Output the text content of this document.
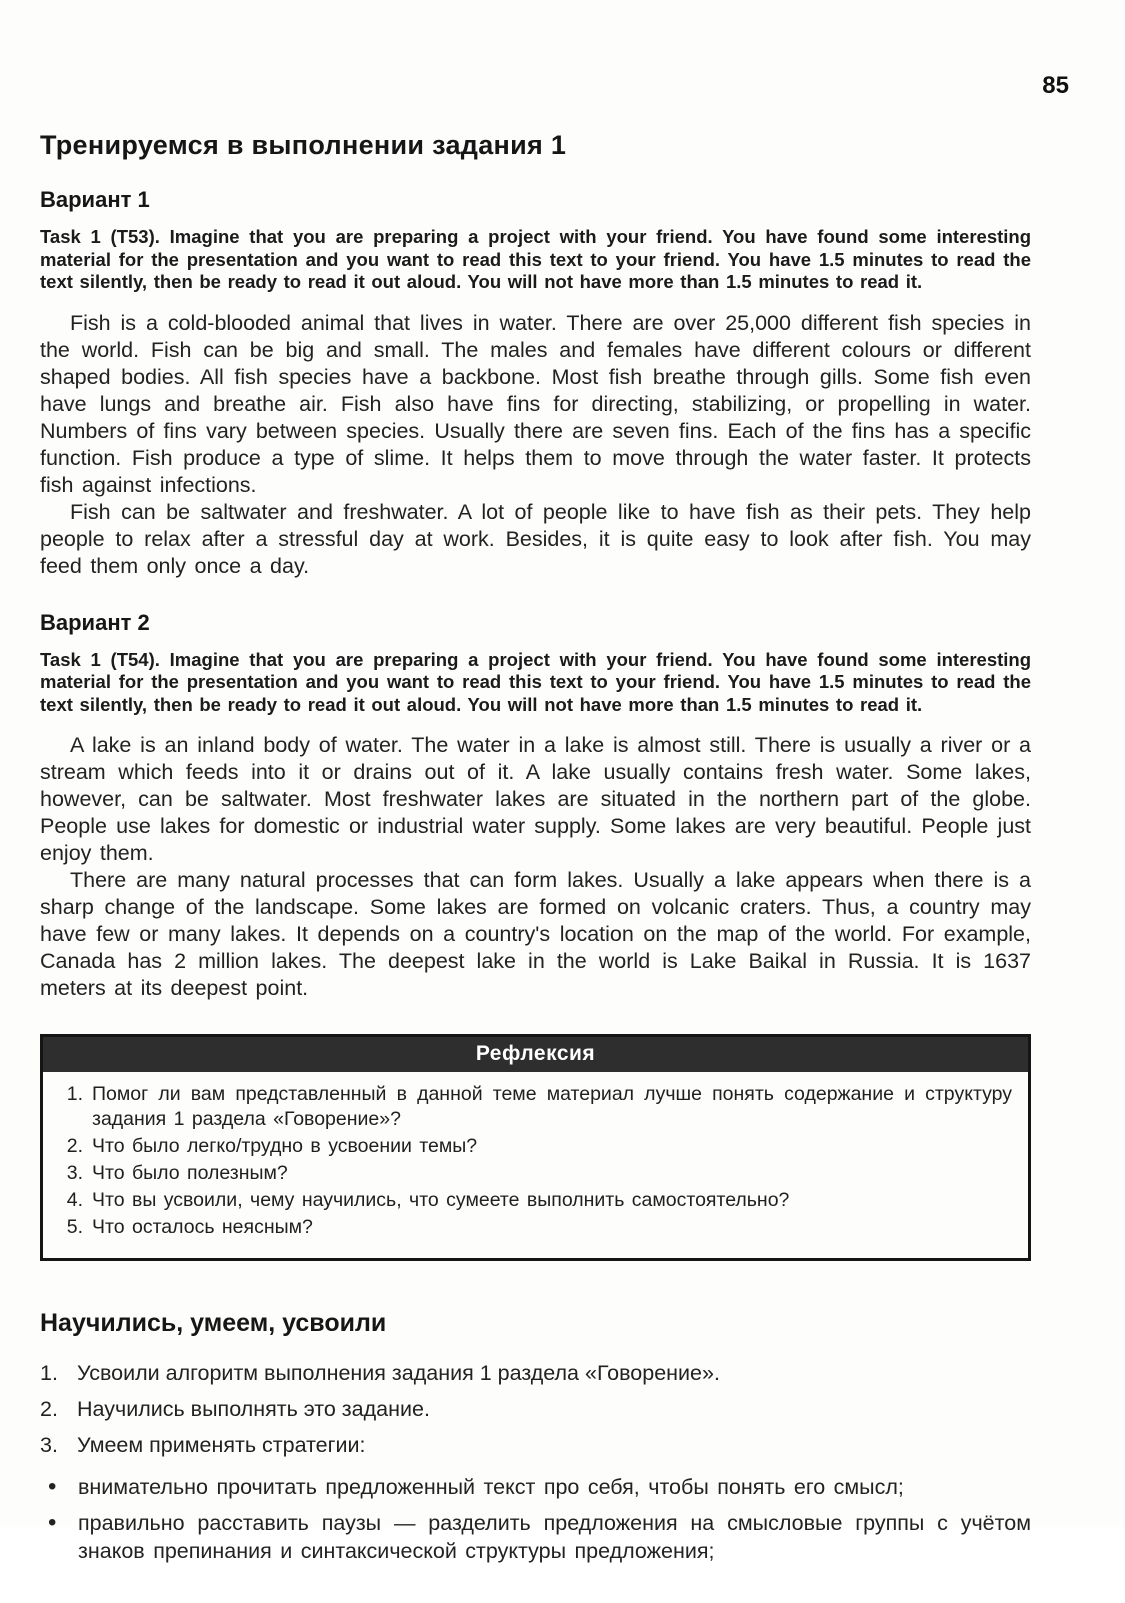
85
Тренируемся в выполнении задания 1
Вариант 1

Task 1 (T53). Imagine that you are preparing a project with your friend. You have found some interesting material for the presentation and you want to read this text to your friend. You have 1.5 minutes to read the text silently, then be ready to read it out aloud. You will not have more than 1.5 minutes to read it.

Fish is a cold-blooded animal that lives in water. There are over 25,000 different fish species in the world. Fish can be big and small. The males and females have different colours or different shaped bodies. All fish species have a backbone. Most fish breathe through gills. Some fish even have lungs and breathe air. Fish also have fins for directing, stabilizing, or propelling in water. Numbers of fins vary between species. Usually there are seven fins. Each of the fins has a specific function. Fish produce a type of slime. It helps them to move through the water faster. It protects fish against infections.

Fish can be saltwater and freshwater. A lot of people like to have fish as their pets. They help people to relax after a stressful day at work. Besides, it is quite easy to look after fish. You may feed them only once a day.

Вариант 2

Task 1 (T54). Imagine that you are preparing a project with your friend. You have found some interesting material for the presentation and you want to read this text to your friend. You have 1.5 minutes to read the text silently, then be ready to read it out aloud. You will not have more than 1.5 minutes to read it.

A lake is an inland body of water. The water in a lake is almost still. There is usually a river or a stream which feeds into it or drains out of it. A lake usually contains fresh water. Some lakes, however, can be saltwater. Most freshwater lakes are situated in the northern part of the globe. People use lakes for domestic or industrial water supply. Some lakes are very beautiful. People just enjoy them.

There are many natural processes that can form lakes. Usually a lake appears when there is a sharp change of the landscape. Some lakes are formed on volcanic craters. Thus, a country may have few or many lakes. It depends on a country's location on the map of the world. For example, Canada has 2 million lakes. The deepest lake in the world is Lake Baikal in Russia. It is 1637 meters at its deepest point.

Рефлексия
1. Помог ли вам представленный в данной теме материал лучше понять содержание и структуру задания 1 раздела «Говорение»?
2. Что было легко/трудно в усвоении темы?
3. Что было полезным?
4. Что вы усвоили, чему научились, что сумеете выполнить самостоятельно?
5. Что осталось неясным?
Научились, умеем, усвоили
1. Усвоили алгоритм выполнения задания 1 раздела «Говорение».
2. Научились выполнять это задание.
3. Умеем применять стратегии:
•
внимательно прочитать предложенный текст про себя, чтобы понять его смысл;
•
правильно расставить паузы — разделить предложения на смысловые группы с учётом знаков препинания и синтаксической структуры предложения;
